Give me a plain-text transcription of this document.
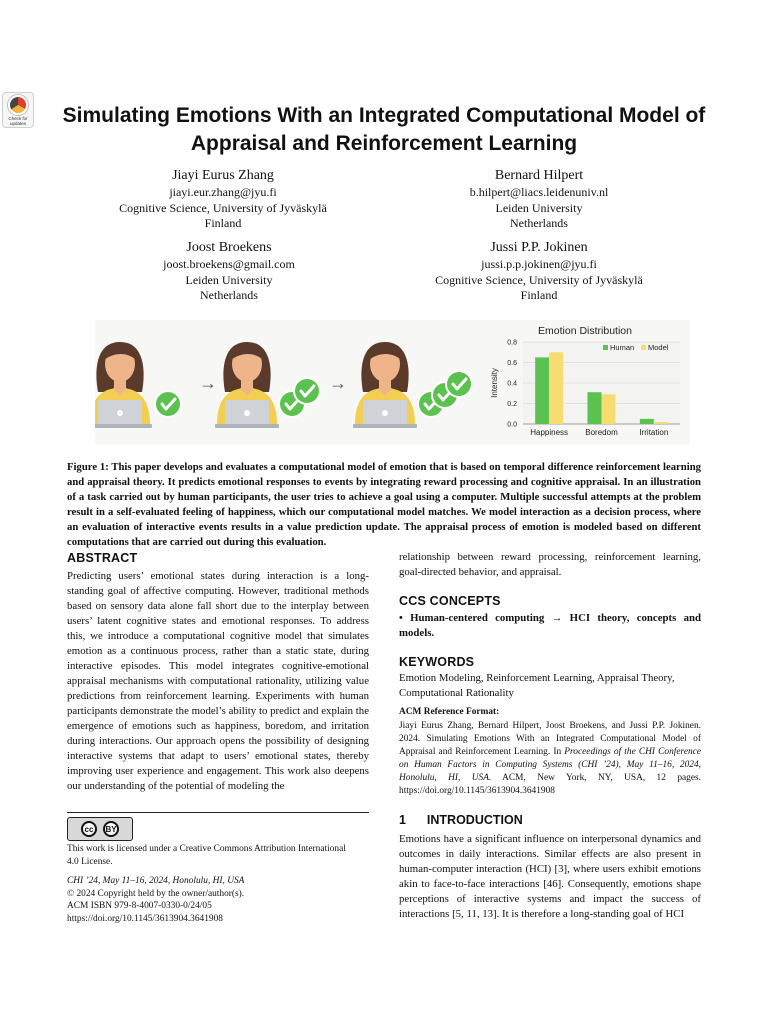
Check for
updates	Simulating Emotions With an Integrated Computational Model of
Appraisal and Reinforcement Learning
Jiayi Eurus Zhang
jiayi.eur.zhang@jyu.fi
Cognitive Science, University of Jyväskylä
Finland
Bernard Hilpert
b.hilpert@liacs.leidenuniv.nl
Leiden University
Netherlands
Joost Broekens
joost.broekens@gmail.com
Leiden University
Netherlands
Jussi P.P. Jokinen
jussi.p.p.jokinen@jyu.fi
Cognitive Science, University of Jyväskylä
Finland
→	→
Emotion Distribution
Intensity
0.0
0.2
0.4
0.6
0.8
Happiness Boredom	Irritation
Human Model
Figure 1: This paper develops and evaluates a computational model of emotion that is based on temporal difference reinforcement learning and appraisal theory. It predicts emotional responses to events by integrating reward processing and cognitive appraisal. In an illustration of a task carried out by human participants, the user tries to achieve a goal using a computer. Multiple successful attempts at the problem result in a self-evaluated feeling of happiness, which our computational model matches. We model interaction as a decision process, where an evaluation of interactive events results in a value prediction update. The appraisal process of emotion is modeled based on different computations that are carried out during this evaluation.
ABSTRACT
Predicting users’ emotional states during interaction is a long-standing goal of affective computing. However, traditional methods based on sensory data alone fall short due to the interplay between users’ latent cognitive states and emotional responses. To address this, we introduce a computational cognitive model that simulates emotion as a continuous process, rather than a static state, during interactive episodes. This model integrates cognitive-emotional appraisal mechanisms with computational rationality, utilizing value predictions from reinforcement learning. Experiments with human participants demonstrate the model’s ability to predict and explain the emergence of emotions such as happiness, boredom, and irritation during interactions. Our approach opens the possibility of designing interactive systems that adapt to users’ emotional states, thereby improving user experience and engagement. This work also deepens our understanding of the potential of modeling the
cc	BY
This work is licensed under a Creative Commons Attribution International
4.0 License.
CHI ’24, May 11–16, 2024, Honolulu, HI, USA
© 2024 Copyright held by the owner/author(s).
ACM ISBN 979-8-4007-0330-0/24/05
https://doi.org/10.1145/3613904.3641908
relationship between reward processing, reinforcement learning, goal-directed behavior, and appraisal.
CCS CONCEPTS
• Human-centered computing → HCI theory, concepts and models.
KEYWORDS
Emotion Modeling, Reinforcement Learning, Appraisal Theory, Computational Rationality
ACM Reference Format:
Jiayi Eurus Zhang, Bernard Hilpert, Joost Broekens, and Jussi P.P. Jokinen. 2024. Simulating Emotions With an Integrated Computational Model of Appraisal and Reinforcement Learning. In Proceedings of the CHI Conference on Human Factors in Computing Systems (CHI ’24), May 11–16, 2024, Honolulu, HI, USA. ACM, New York, NY, USA, 12 pages. https://doi.org/10.1145/3613904.3641908
1 INTRODUCTION
Emotions have a significant influence on interpersonal dynamics and outcomes in daily interactions. Similar effects are also present in human-computer interaction (HCI) [3], where users exhibit emotions akin to face-to-face interactions [46]. Consequently, emotions shape perceptions of interactive systems and impact the success of interactions [5, 11, 13]. It is therefore a long-standing goal of HCI
